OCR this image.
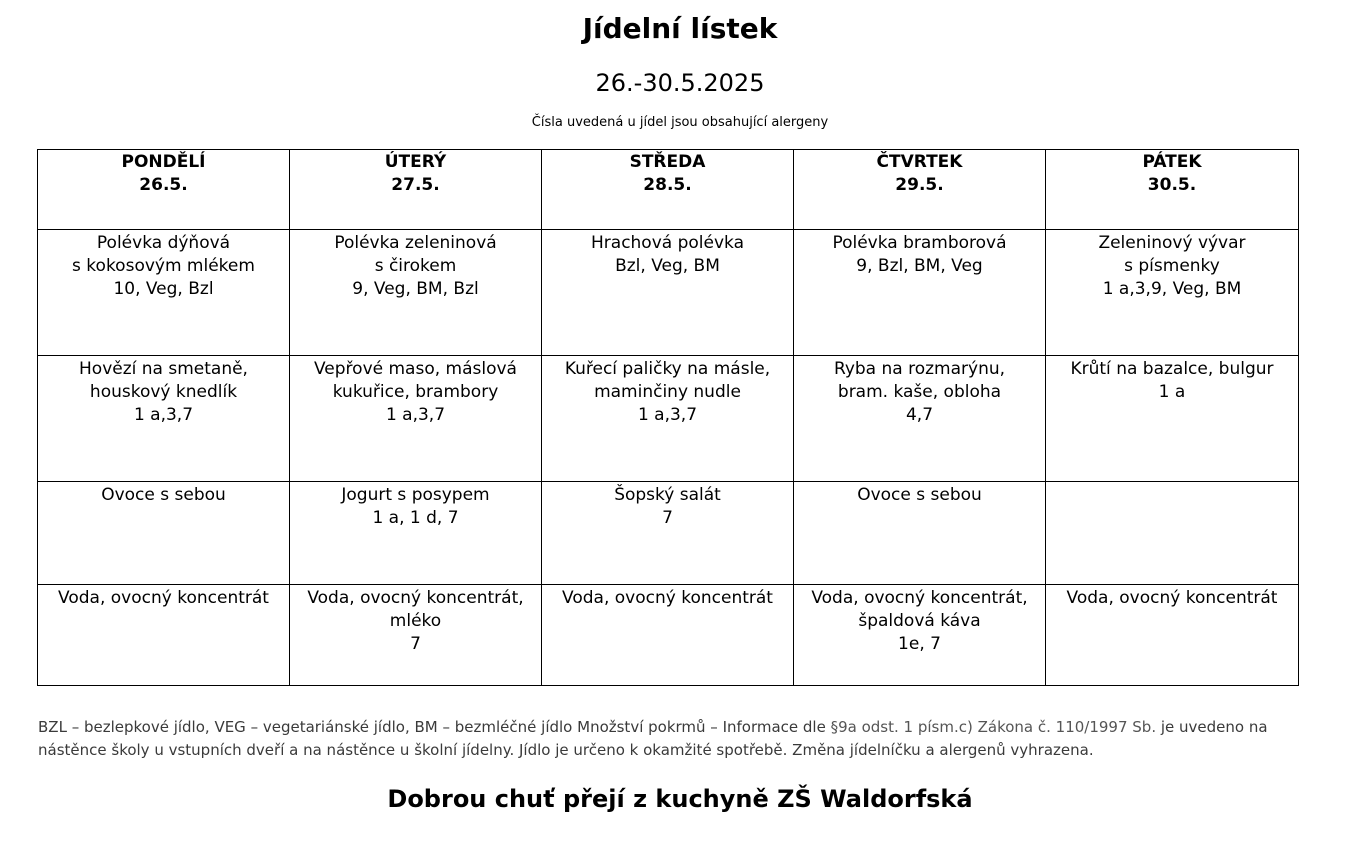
Jídelní lístek
26.-30.5.2025
Čísla uvedená u jídel jsou obsahující alergeny
PONDĚLÍ
26.5.	ÚTERÝ
27.5.	STŘEDA
28.5.	ČTVRTEK
29.5.	PÁTEK
30.5.

Polévka dýňová
s kokosovým mlékem
10, Veg, Bzl	Polévka zeleninová
s čirokem
9, Veg, BM, Bzl	Hrachová polévka
Bzl, Veg, BM	Polévka bramborová
9, Bzl, BM, Veg	Zeleninový vývar
s písmenky
1 a,3,9, Veg, BM

Hovězí na smetaně,
houskový knedlík
1 a,3,7	Vepřové maso, máslová
kukuřice, brambory
1 a,3,7	Kuřecí paličky na másle,
maminčiny nudle
1 a,3,7	Ryba na rozmarýnu,
bram. kaše, obloha
4,7	Krůtí na bazalce, bulgur
1 a

Ovoce s sebou	Jogurt s posypem
1 a, 1 d, 7	Šopský salát
7	Ovoce s sebou	

Voda, ovocný koncentrát	Voda, ovocný koncentrát,
mléko
7	Voda, ovocný koncentrát	Voda, ovocný koncentrát,
špaldová káva
1e, 7	Voda, ovocný koncentrát
BZL – bezlepkové jídlo, VEG – vegetariánské jídlo, BM – bezmléčné jídlo Množství pokrmů – Informace dle §9a odst. 1 písm.c) Zákona č. 110/1997 Sb. je uvedeno na nástěnce školy u vstupních dveří a na nástěnce u školní jídelny. Jídlo je určeno k okamžité spotřebě. Změna jídelníčku a alergenů vyhrazena.
Dobrou chuť přejí z kuchyně ZŠ Waldorfská
